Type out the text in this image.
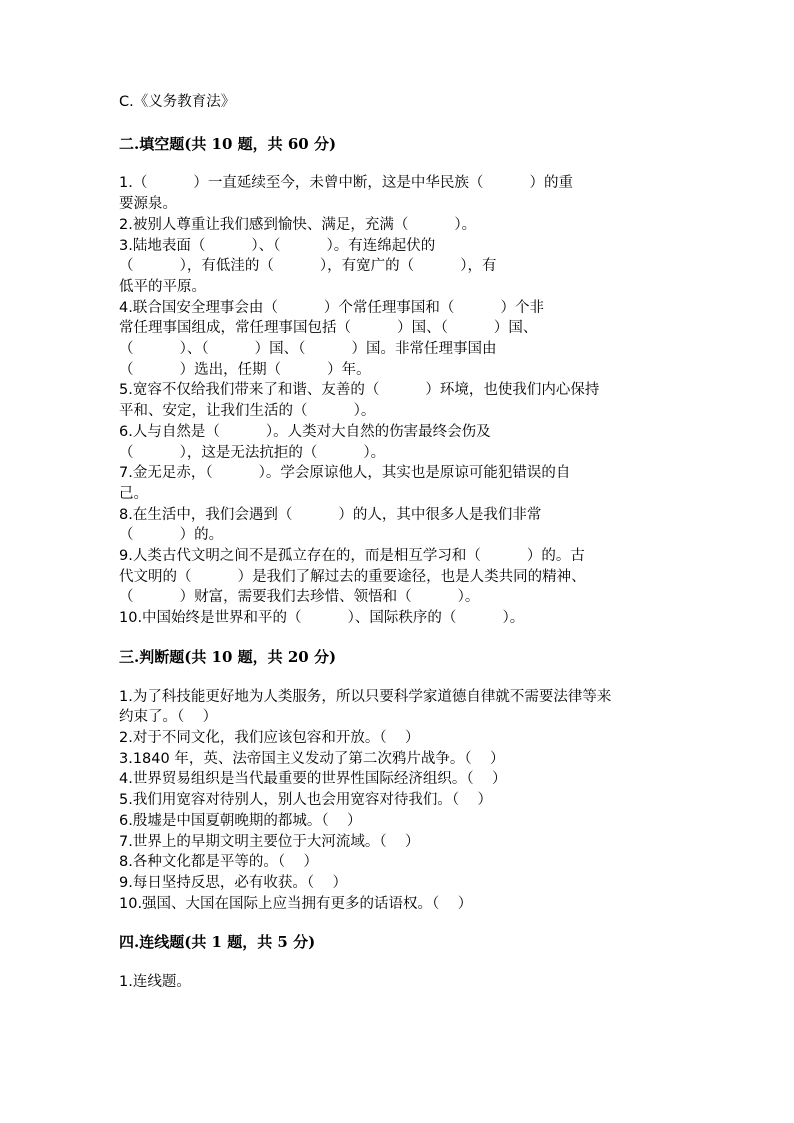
C.《义务教育法》

二.填空题(共 10 题，共 60 分)

1.（          ）一直延续至今，未曾中断，这是中华民族（          ）的重

要源泉。

2.被别人尊重让我们感到愉快、满足，充满（          ）。

3.陆地表面（          ）、（          ）。有连绵起伏的

（          ），有低洼的（          ），有宽广的（          ），有

低平的平原。

4.联合国安全理事会由（          ）个常任理事国和（          ）个非

常任理事国组成，常任理事国包括（          ）国、（          ）国、

（          ）、（          ）国、（          ）国。非常任理事国由

（          ）选出，任期（          ）年。

5.宽容不仅给我们带来了和谐、友善的（          ）环境，也使我们内心保持

平和、安定，让我们生活的（          ）。

6.人与自然是（          ）。人类对大自然的伤害最终会伤及

（          ），这是无法抗拒的（          ）。

7.金无足赤，（          ）。学会原谅他人，其实也是原谅可能犯错误的自

己。

8.在生活中，我们会遇到（          ）的人，其中很多人是我们非常

（          ）的。

9.人类古代文明之间不是孤立存在的，而是相互学习和（          ）的。古

代文明的（          ）是我们了解过去的重要途径，也是人类共同的精神、

（          ）财富，需要我们去珍惜、领悟和（          ）。

10.中国始终是世界和平的（          ）、国际秩序的（          ）。

三.判断题(共 10 题，共 20 分)

1.为了科技能更好地为人类服务，所以只要科学家道德自律就不需要法律等来

约束了。（    ）

2.对于不同文化，我们应该包容和开放。（    ）

3.1840 年，英、法帝国主义发动了第二次鸦片战争。（    ）

4.世界贸易组织是当代最重要的世界性国际经济组织。（    ）

5.我们用宽容对待别人，别人也会用宽容对待我们。（    ）

6.殷墟是中国夏朝晚期的都城。（    ）

7.世界上的早期文明主要位于大河流域。（    ）

8.各种文化都是平等的。（    ）

9.每日坚持反思，必有收获。（    ）

10.强国、大国在国际上应当拥有更多的话语权。（    ）

四.连线题(共 1 题，共 5 分)

1.连线题。
